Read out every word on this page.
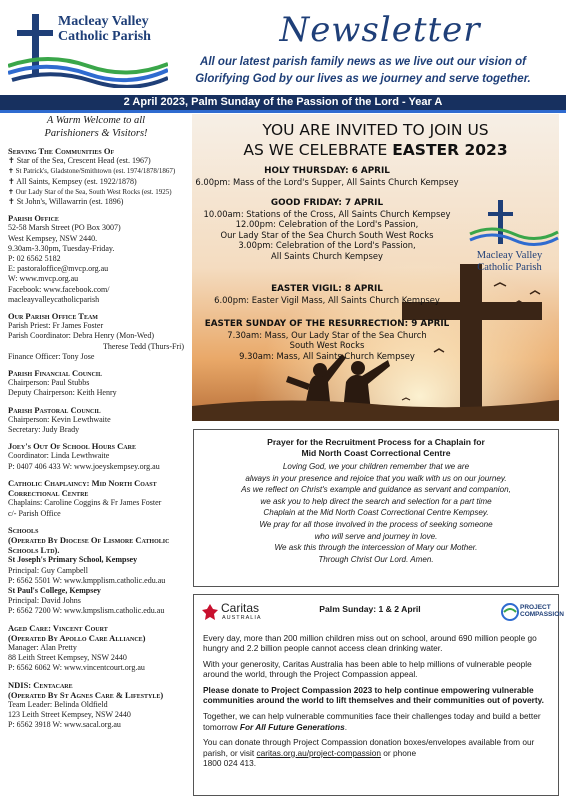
Macleay Valley
Catholic Parish	Newsletter
All our latest parish family news as we live out our vision of
Glorifying God by our lives as we journey and serve together.
2 April 2023, Palm Sunday of the Passion of the Lord - Year A
A Warm Welcome to all
Parishioners & Visitors!
Serving The Communities Of
✝ Star of the Sea, Crescent Head (est. 1967)
✝ St Patrick's, Gladstone/Smithtown (est. 1974/1878/1867)
✝ All Saints, Kempsey (est. 1922/1878)
✝ Our Lady Star of the Sea, South West Rocks (est. 1925)
✝ St John's, Willawarrin (est. 1896)
Parish Office
52-58 Marsh Street (PO Box 3007)
West Kempsey, NSW 2440.
9.30am-3.30pm, Tuesday-Friday.
P: 02 6562 5182
E: pastoraloffice@mvcp.org.au
W: www.mvcp.org.au
Facebook: www.facebook.com/
macleayvalleycatholicparish
Our Parish Office Team
Parish Priest: Fr James Foster
Parish Coordinator: Debra Henry (Mon-Wed)
Therese Tedd (Thurs-Fri)
Finance Officer: Tony Jose
Parish Financial Council
Chairperson: Paul Stubbs
Deputy Chairperson: Keith Henry
Parish Pastoral Council
Chairperson: Kevin Lewthwaite
Secretary: Judy Brady
Joey's Out Of School Hours Care
Coordinator: Linda Lewthwaite
P: 0407 406 433 W: www.joeyskempsey.org.au
Catholic Chaplaincy: Mid North Coast
Correctional Centre
Chaplains: Caroline Coggins & Fr James Foster
c/- Parish Office
Schools
(Operated By Diocese Of Lismore Catholic
Schools Ltd).
St Joseph's Primary School, Kempsey
Principal: Guy Campbell
P: 6562 5501 W: www.kmpplism.catholic.edu.au
St Paul's College, Kempsey
Principal: David Johns
P: 6562 7200 W: www.kmpslism.catholic.edu.au
Aged Care: Vincent Court
(Operated By Apollo Care Alliance)
Manager: Alan Pretty
88 Leith Street Kempsey, NSW 2440
P: 6562 6062 W: www.vincentcourt.org.au
NDIS: Centacare
(Operated By St Agnes Care & Lifestyle)
Team Leader: Belinda Oldfield
123 Leith Street Kempsey, NSW 2440
P: 6562 3918 W: www.sacal.org.au
YOU ARE INVITED TO JOIN US
AS WE CELEBRATE EASTER 2023
HOLY THURSDAY: 6 APRIL
6.00pm: Mass of the Lord's Supper, All Saints Church Kempsey
GOOD FRIDAY: 7 APRIL
10.00am: Stations of the Cross, All Saints Church Kempsey
12.00pm: Celebration of the Lord's Passion,
Our Lady Star of the Sea Church South West Rocks
3.00pm: Celebration of the Lord's Passion,
All Saints Church Kempsey
EASTER VIGIL: 8 APRIL
6.00pm: Easter Vigil Mass, All Saints Church Kempsey
EASTER SUNDAY OF THE RESURRECTION: 9 APRIL
7.30am: Mass, Our Lady Star of the Sea Church
South West Rocks
9.30am: Mass, All Saints Church Kempsey
Macleay Valley
Catholic Parish
Prayer for the Recruitment Process for a Chaplain for
Mid North Coast Correctional Centre
Loving God, we your children remember that we are
always in your presence and rejoice that you walk with us on our journey.
As we reflect on Christ's example and guidance as servant and companion,
we ask you to help direct the search and selection for a part time
Chaplain at the Mid North Coast Correctional Centre Kempsey.
We pray for all those involved in the process of seeking someone
who will serve and journey in love.
We ask this through the intercession of Mary our Mother.
Through Christ Our Lord. Amen.
Caritas
AUSTRALIA
Palm Sunday: 1 & 2 April	PROJECT
COMPASSION

Every day, more than 200 million children miss out on school, around 690 million people go hungry and 2.2 billion people cannot access clean drinking water.

With your generosity, Caritas Australia has been able to help millions of vulnerable people around the world, through the Project Compassion appeal.

Please donate to Project Compassion 2023 to help continue empowering vulnerable communities around the world to lift themselves and their communities out of poverty.

Together, we can help vulnerable communities face their challenges today and build a better tomorrow For All Future Generations.

You can donate through Project Compassion donation boxes/envelopes available from our parish, or visit caritas.org.au/project-compassion or phone
1800 024 413.
